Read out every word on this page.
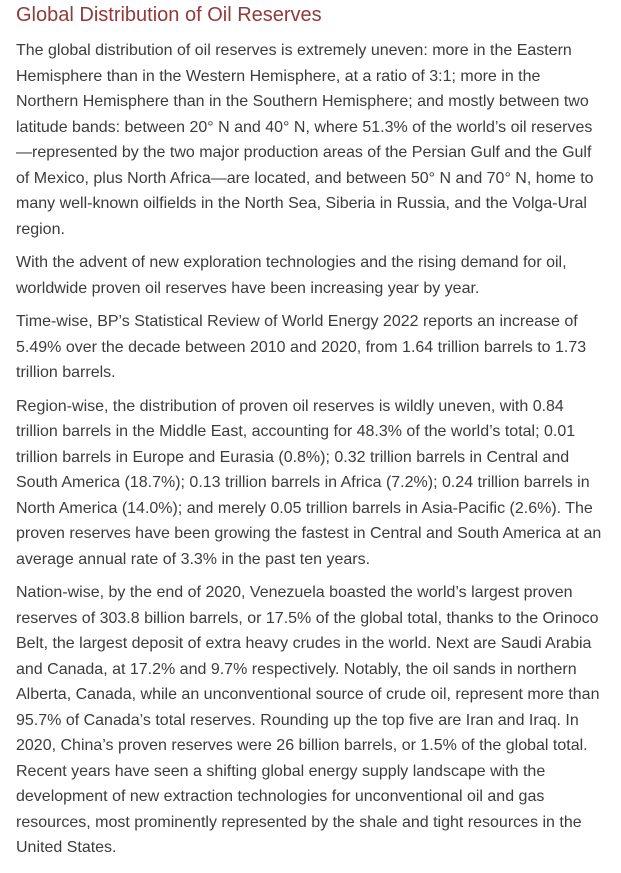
Global Distribution of Oil Reserves

The global distribution of oil reserves is extremely uneven: more in the Eastern Hemisphere than in the Western Hemisphere, at a ratio of 3:1; more in the Northern Hemisphere than in the Southern Hemisphere; and mostly between two latitude bands: between 20° N and 40° N, where 51.3% of the world’s oil reserves—represented by the two major production areas of the Persian Gulf and the Gulf of Mexico, plus North Africa—are located, and between 50° N and 70° N, home to many well-known oilfields in the North Sea, Siberia in Russia, and the Volga-Ural region.

With the advent of new exploration technologies and the rising demand for oil, worldwide proven oil reserves have been increasing year by year.

Time-wise, BP’s Statistical Review of World Energy 2022 reports an increase of 5.49% over the decade between 2010 and 2020, from 1.64 trillion barrels to 1.73 trillion barrels.

Region-wise, the distribution of proven oil reserves is wildly uneven, with 0.84 trillion barrels in the Middle East, accounting for 48.3% of the world’s total; 0.01 trillion barrels in Europe and Eurasia (0.8%); 0.32 trillion barrels in Central and South America (18.7%); 0.13 trillion barrels in Africa (7.2%); 0.24 trillion barrels in North America (14.0%); and merely 0.05 trillion barrels in Asia-Pacific (2.6%). The proven reserves have been growing the fastest in Central and South America at an average annual rate of 3.3% in the past ten years.

Nation-wise, by the end of 2020, Venezuela boasted the world’s largest proven reserves of 303.8 billion barrels, or 17.5% of the global total, thanks to the Orinoco Belt, the largest deposit of extra heavy crudes in the world. Next are Saudi Arabia and Canada, at 17.2% and 9.7% respectively. Notably, the oil sands in northern Alberta, Canada, while an unconventional source of crude oil, represent more than 95.7% of Canada’s total reserves. Rounding up the top five are Iran and Iraq. In 2020, China’s proven reserves were 26 billion barrels, or 1.5% of the global total. Recent years have seen a shifting global energy supply landscape with the development of new extraction technologies for unconventional oil and gas resources, most prominently represented by the shale and tight resources in the United States.
